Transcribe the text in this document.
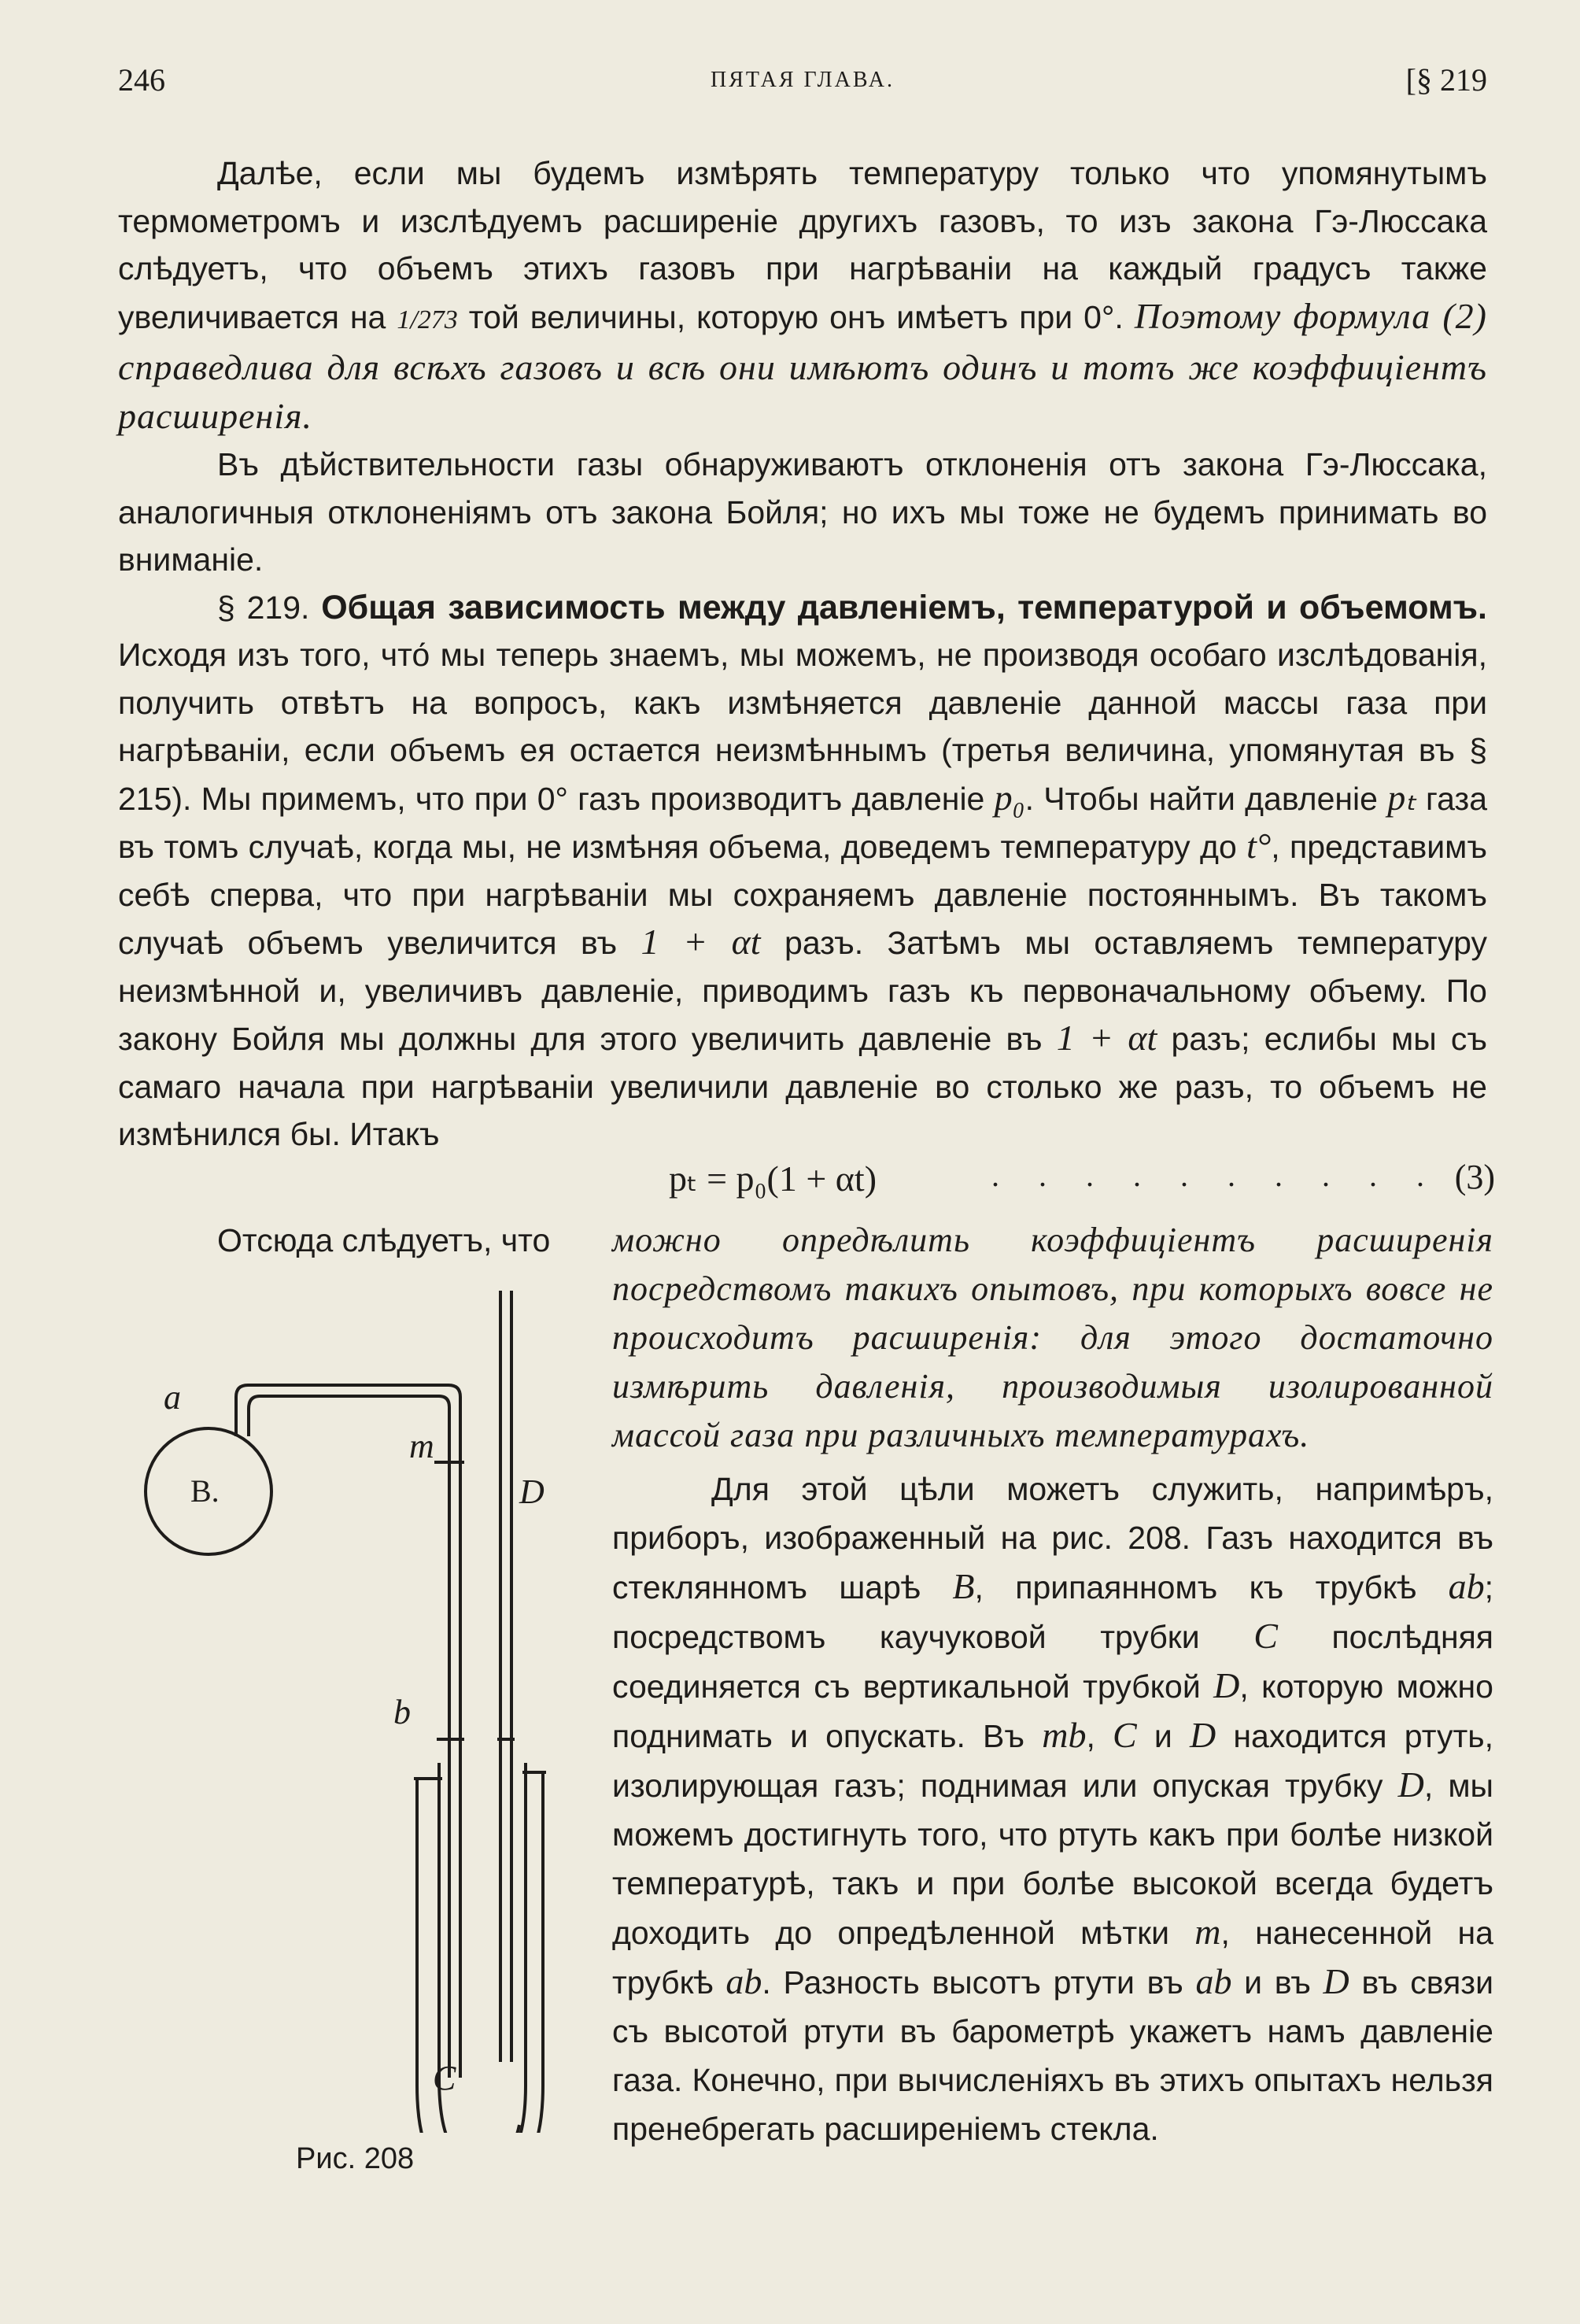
246	ПЯТАЯ ГЛАВА.	[§ 219

Далѣе, если мы будемъ измѣрять температуру только что упомянутымъ термометромъ и изслѣдуемъ расширеніе другихъ газовъ, то изъ закона Гэ-Люссака слѣдуетъ, что объемъ этихъ газовъ при нагрѣваніи на каждый градусъ также увеличивается на 1/273 той величины, которую онъ имѣетъ при 0°. Поэтому формула (2) справедлива для всѣхъ газовъ и всѣ они имѣютъ одинъ и тотъ же коэффиціентъ расширенія.

Въ дѣйствительности газы обнаруживаютъ отклоненія отъ закона Гэ-Люссака, аналогичныя отклоненіямъ отъ закона Бойля; но ихъ мы тоже не будемъ принимать во вниманіе.

§ 219. Общая зависимость между давленіемъ, температурой и объемомъ. Исходя изъ того, что́ мы теперь знаемъ, мы можемъ, не производя особаго изслѣдованія, получить отвѣтъ на вопросъ, какъ измѣняется давленіе данной массы газа при нагрѣваніи, если объемъ ея остается неизмѣннымъ (третья величина, упомянутая въ § 215). Мы примемъ, что при 0° газъ производитъ давленіе p₀. Чтобы найти давленіе pₜ газа въ томъ случаѣ, когда мы, не измѣняя объема, доведемъ температуру до t°, представимъ себѣ сперва, что при нагрѣваніи мы сохраняемъ давленіе постояннымъ. Въ такомъ случаѣ объемъ увеличится въ 1 + αt разъ. Затѣмъ мы оставляемъ температуру неизмѣнной и, увеличивъ давленіе, приводимъ газъ къ первоначальному объему. По закону Бойля мы должны для этого увеличить давленіе въ 1 + αt разъ; еслибы мы съ самаго начала при нагрѣваніи увеличили давленіе во столько же разъ, то объемъ не измѣнился бы. Итакъ

pₜ = p₀(1 + αt)	. . . . . . . . . . (3)
Отсюда слѣдуетъ, что можно опредѣлить коэффиціентъ расширенія посредствомъ такихъ опытовъ, при которыхъ вовсе не происходитъ расширенія: для этого достаточно измѣрить давленія, производимыя изолированной массой газа при различныхъ температурахъ.

Для этой цѣли можетъ служить, напримѣръ, приборъ, изображенный на рис. 208. Газъ находится въ стеклянномъ шарѣ B, припаянномъ къ трубкѣ ab; посредствомъ каучуковой трубки C послѣдняя соединяется съ вертикальной трубкой D, которую можно поднимать и опускать. Въ mb, C и D находится ртуть, изолирующая газъ; поднимая или опуская трубку D, мы можемъ достигнуть того, что ртуть какъ при болѣе низкой температурѣ, такъ и при болѣе высокой всегда будетъ доходить до опредѣленной мѣтки m, нанесенной на трубкѣ ab. Разность высотъ ртути въ ab и въ D въ связи съ высотой ртути въ барометрѣ укажетъ намъ давленіе газа. Конечно, при вычисленіяхъ въ этихъ опытахъ нельзя пренебрегать расширеніемъ стекла.

a
B.
m
D
b
C
Рис. 208
